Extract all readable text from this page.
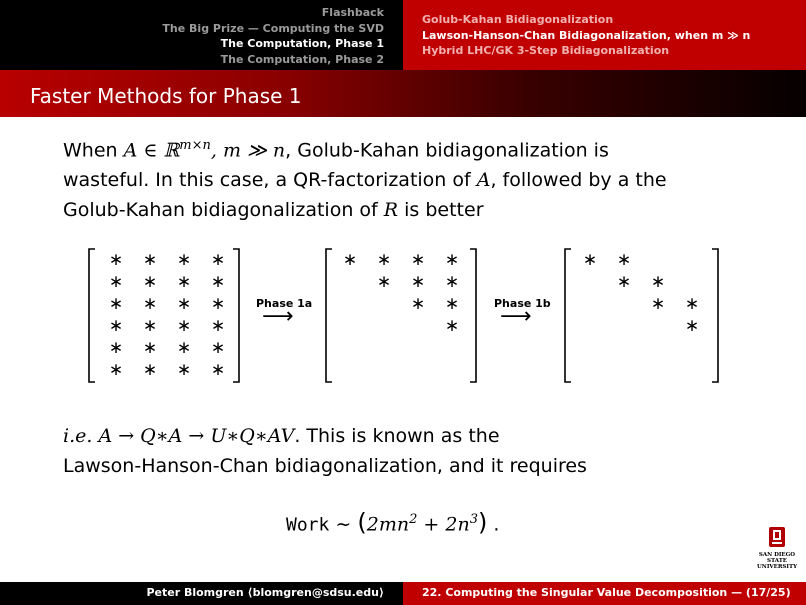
Flashback
The Big Prize — Computing the SVD
The Computation, Phase 1
The Computation, Phase 2
Golub-Kahan Bidiagonalization
Lawson-Hanson-Chan Bidiagonalization, when m ≫ n
Hybrid LHC/GK 3-Step Bidiagonalization
Faster Methods for Phase 1
When A ∈ ℝ$^{m\times n}$, m ≫ n, Golub-Kahan bidiagonalization is
wasteful. In this case, a QR-factorization of A, followed by a the
Golub-Kahan bidiagonalization of R is better
∗ ∗ ∗ ∗
∗ ∗ ∗ ∗
∗ ∗ ∗ ∗
∗ ∗ ∗ ∗
∗ ∗ ∗ ∗
∗ ∗ ∗ ∗
∗ ∗ ∗ ∗
∗ ∗ ∗
∗ ∗
∗
∗ ∗
∗ ∗
∗ ∗
∗
Phase 1a
⟶
Phase 1b
⟶
i.e. A → Q∗A → U∗Q∗AV. This is known as the
Lawson-Hanson-Chan bidiagonalization, and it requires
Work ∼ $(2mn^2 + 2n^3)$ .
SAN DIEGO STATE
UNIVERSITY
Peter Blomgren ⟨blomgren@sdsu.edu⟩	22. Computing the Singular Value Decomposition — (17/25)
